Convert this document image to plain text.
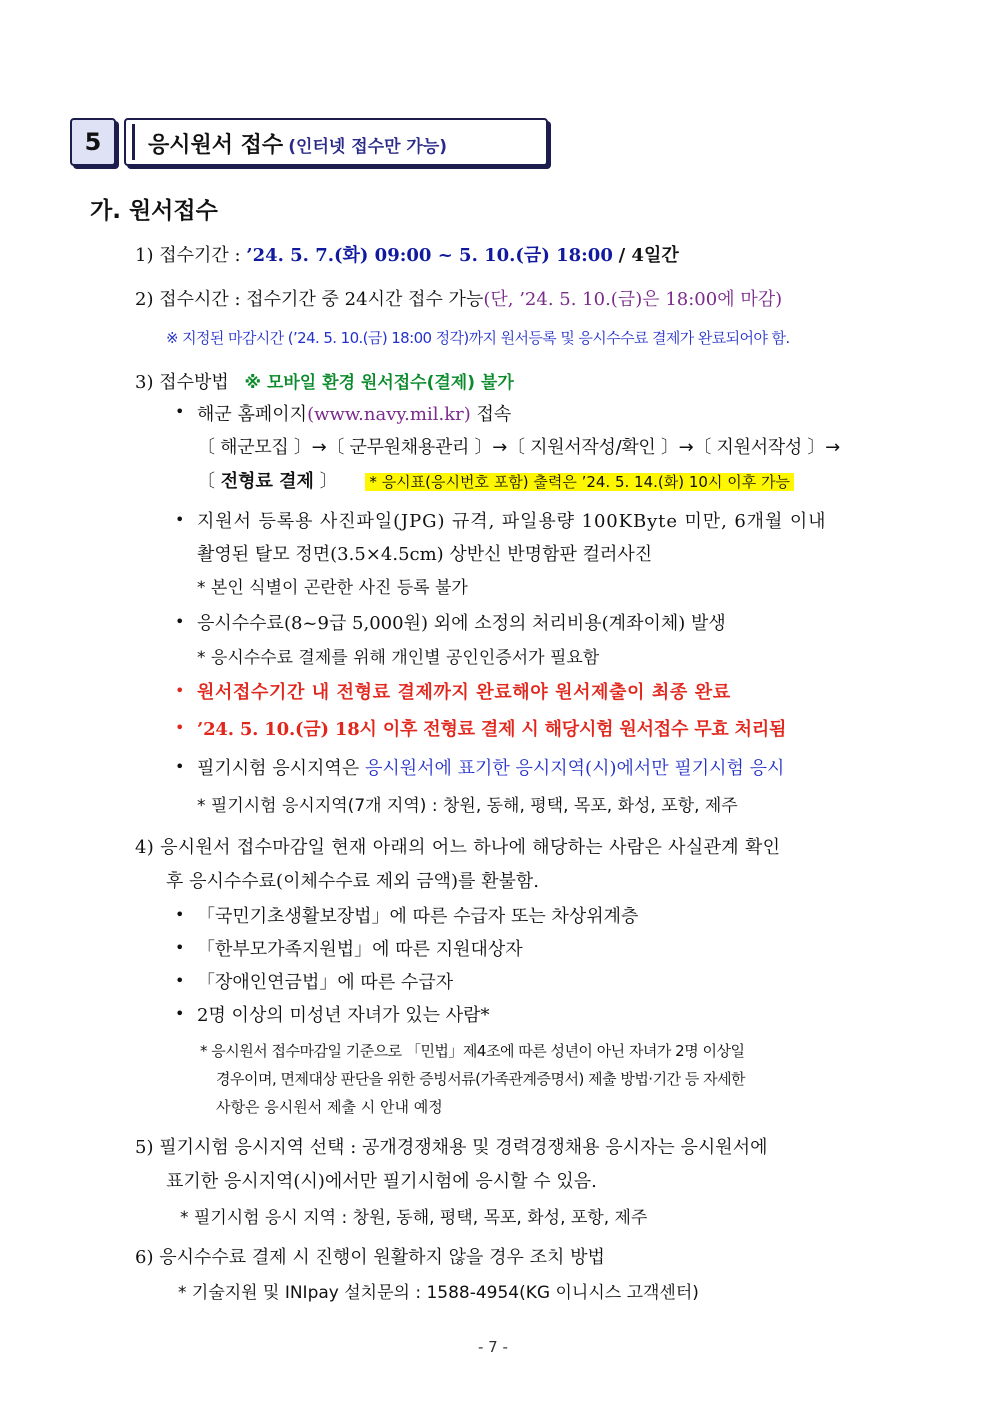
5	응시원서 접수 (인터넷 접수만 가능)
가. 원서접수
1) 접수기간 : ’24. 5. 7.(화) 09:00 ~ 5. 10.(금) 18:00 / 4일간
2) 접수시간 : 접수기간 중 24시간 접수 가능(단, ’24. 5. 10.(금)은 18:00에 마감)
※ 지정된 마감시간 (’24. 5. 10.(금) 18:00 정각)까지 원서등록 및 응시수수료 결제가 완료되어야 함.
3) 접수방법 ※ 모바일 환경 원서접수(결제) 불가
• 해군 홈페이지(www.navy.mil.kr) 접속
〔 해군모집 〕→〔 군무원채용관리 〕→〔 지원서작성/확인 〕→〔 지원서작성 〕→
〔 전형료 결제 〕 * 응시표(응시번호 포함) 출력은 ’24. 5. 14.(화) 10시 이후 가능
• 지원서 등록용 사진파일(JPG) 규격, 파일용량 100KByte 미만, 6개월 이내
촬영된 탈모 정면(3.5×4.5cm) 상반신 반명함판 컬러사진
* 본인 식별이 곤란한 사진 등록 불가
• 응시수수료(8~9급 5,000원) 외에 소정의 처리비용(계좌이체) 발생
* 응시수수료 결제를 위해 개인별 공인인증서가 필요함
• 원서접수기간 내 전형료 결제까지 완료해야 원서제출이 최종 완료
• ’24. 5. 10.(금) 18시 이후 전형료 결제 시 해당시험 원서접수 무효 처리됨
• 필기시험 응시지역은 응시원서에 표기한 응시지역(시)에서만 필기시험 응시
* 필기시험 응시지역(7개 지역) : 창원, 동해, 평택, 목포, 화성, 포항, 제주
4) 응시원서 접수마감일 현재 아래의 어느 하나에 해당하는 사람은 사실관계 확인
후 응시수수료(이체수수료 제외 금액)를 환불함.
• 「국민기초생활보장법」에 따른 수급자 또는 차상위계층
• 「한부모가족지원법」에 따른 지원대상자
• 「장애인연금법」에 따른 수급자
• 2명 이상의 미성년 자녀가 있는 사람*
* 응시원서 접수마감일 기준으로 「민법」제4조에 따른 성년이 아닌 자녀가 2명 이상일
경우이며, 면제대상 판단을 위한 증빙서류(가족관계증명서) 제출 방법‧기간 등 자세한
사항은 응시원서 제출 시 안내 예정
5) 필기시험 응시지역 선택 : 공개경쟁채용 및 경력경쟁채용 응시자는 응시원서에
표기한 응시지역(시)에서만 필기시험에 응시할 수 있음.
* 필기시험 응시 지역 : 창원, 동해, 평택, 목포, 화성, 포항, 제주
6) 응시수수료 결제 시 진행이 원활하지 않을 경우 조치 방법
* 기술지원 및 INIpay 설치문의 : 1588-4954(KG 이니시스 고객센터)
- 7 -
